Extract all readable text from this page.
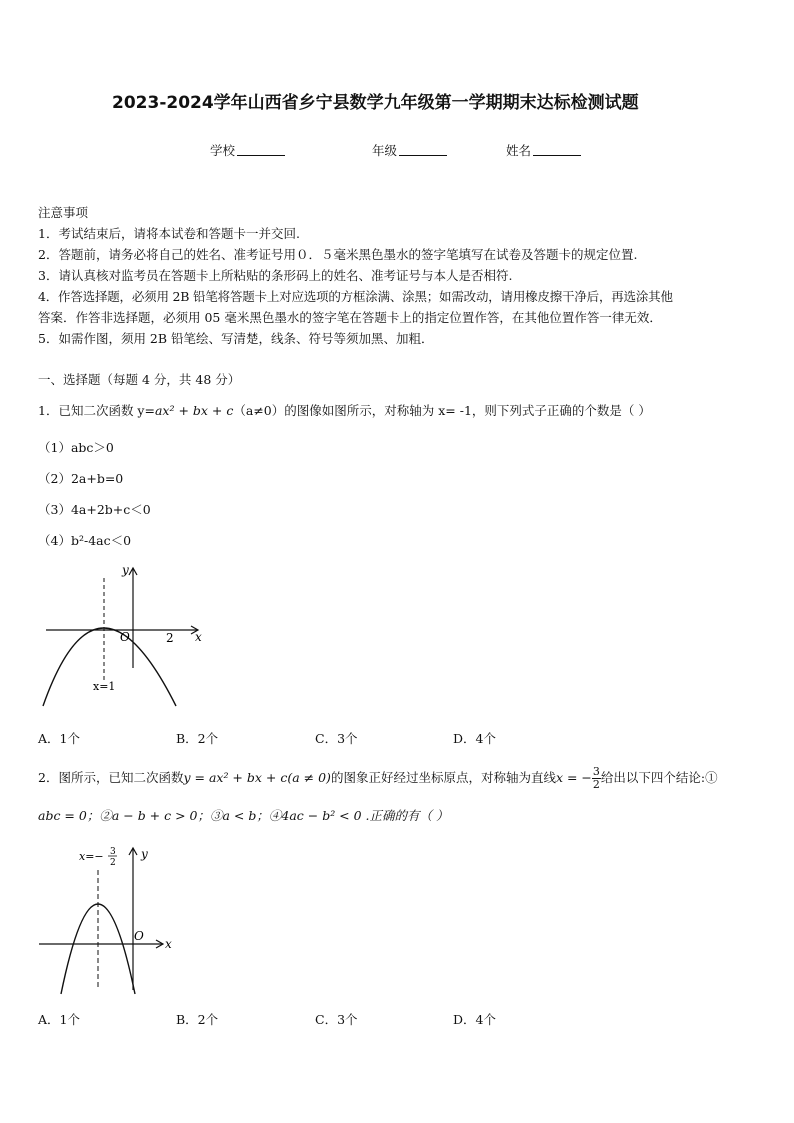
2023-2024学年山西省乡宁县数学九年级第一学期期末达标检测试题
学校	年级	姓名
注意事项
1．考试结束后，请将本试卷和答题卡一并交回.
2．答题前，请务必将自己的姓名、准考证号用０．５毫米黑色墨水的签字笔填写在试卷及答题卡的规定位置.
3．请认真核对监考员在答题卡上所粘贴的条形码上的姓名、准考证号与本人是否相符.
4．作答选择题，必须用 2B 铅笔将答题卡上对应选项的方框涂满、涂黑；如需改动，请用橡皮擦干净后，再选涂其他
答案．作答非选择题，必须用 05 毫米黑色墨水的签字笔在答题卡上的指定位置作答，在其他位置作答一律无效．
5．如需作图，须用 2B 铅笔绘、写清楚，线条、符号等须加黑、加粗．
一、选择题（每题 4 分，共 48 分）
1．已知二次函数 y=ax² + bx + c（a≠0）的图像如图所示，对称轴为 x= -1，则下列式子正确的个数是（ ）
（1）abc＞0
（2）2a+b=0
（3）4a+2b+c＜0
（4）b²-4ac＜0
y
x
O	2
x=1
A．1个	B．2个	C．3个	D．4个
2．图所示，已知二次函数y = ax² + bx + c(a ≠ 0)的图象正好经过坐标原点，对称轴为直线x = − $\frac{3}{2}$ 给出以下四个结论:①
abc = 0；②a − b + c > 0；③a < b；④4ac − b² < 0 .正确的有（ ）
x=− 3
2
y
x
O
A．1个	B．2个	C．3个	D．4个
